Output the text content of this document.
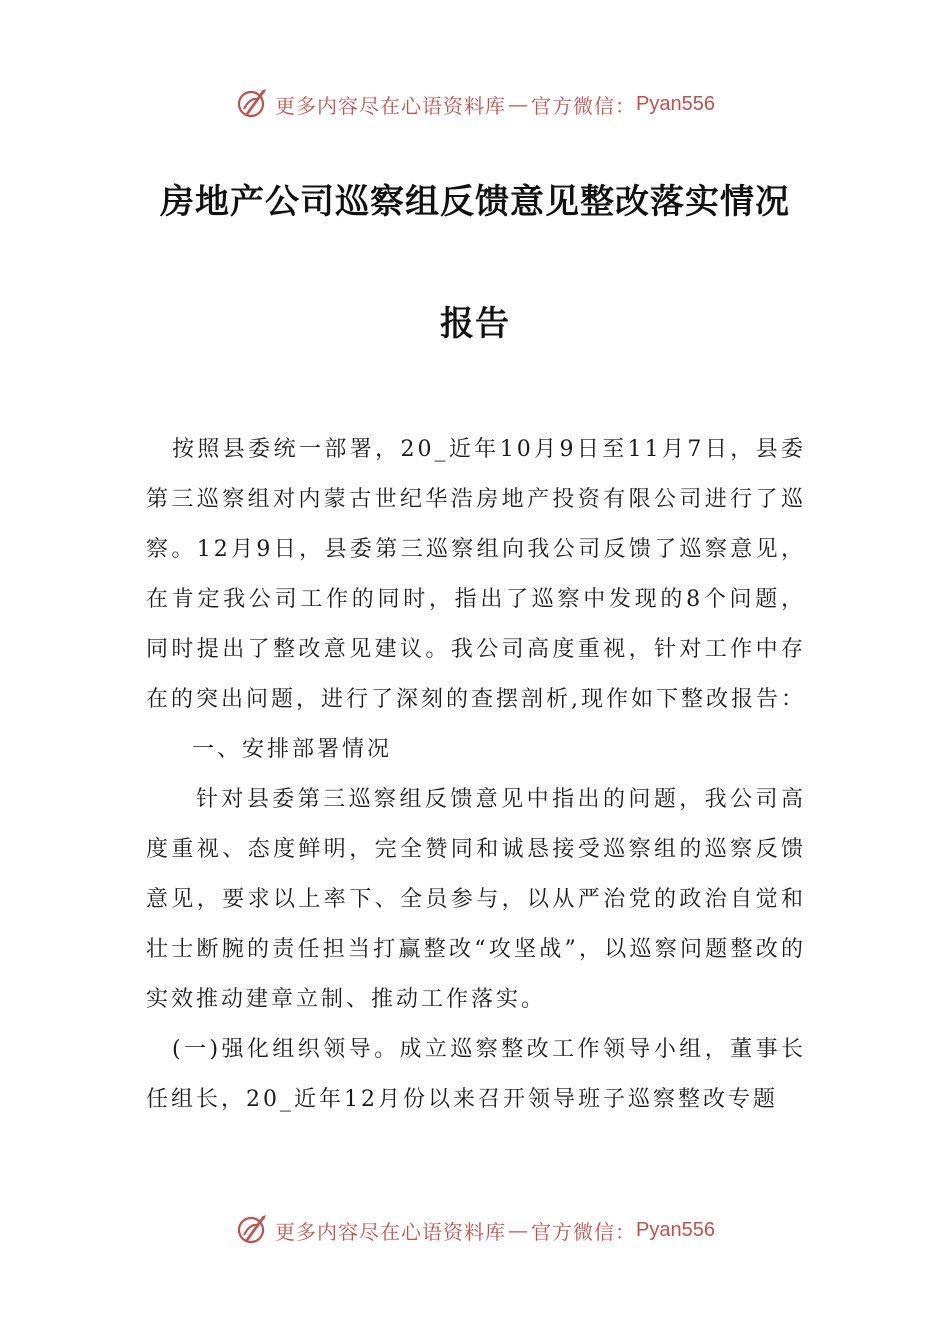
更多内容尽在心语资料库 — 官方微信： Pyan556
房地产公司巡察组反馈意见整改落实情况
报告

按照县委统一部署，20_近年10月9日至11月7日，县委第三巡察组对内蒙古世纪华浩房地产投资有限公司进行了巡察。12月9日，县委第三巡察组向我公司反馈了巡察意见，在肯定我公司工作的同时，指出了巡察中发现的8个问题，同时提出了整改意见建议。我公司高度重视，针对工作中存在的突出问题，进行了深刻的查摆剖析,现作如下整改报告：

一、安排部署情况

针对县委第三巡察组反馈意见中指出的问题，我公司高度重视、态度鲜明，完全赞同和诚恳接受巡察组的巡察反馈意见，要求以上率下、全员参与，以从严治党的政治自觉和壮士断腕的责任担当打赢整改“攻坚战”，以巡察问题整改的实效推动建章立制、推动工作落实。

(一)强化组织领导。成立巡察整改工作领导小组，董事长任组长，20_近年12月份以来召开领导班子巡察整改专题

更多内容尽在心语资料库 — 官方微信： Pyan556
